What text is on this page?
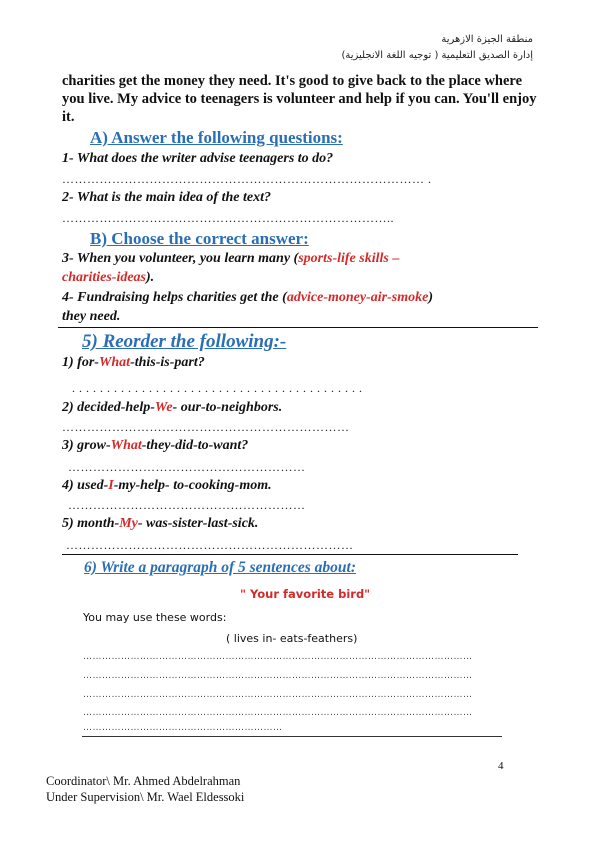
منطقة الجيزة الازهرية
إدارة الصديق التعليمية ( توجيه اللغة الانجليزية)
charities get the money they need. It's good to give back to the place where you live. My advice to teenagers is volunteer and help if you can. You'll enjoy it.
A) Answer the following questions:
1- What does the writer advise teenagers to do?
…………………………………………………………………………… .
2- What is the main idea of the text?
……………………………………………………………………..
B) Choose the correct answer:
3- When you volunteer, you learn many (sports-life skills –
charities-ideas).
4- Fundraising helps charities get the (advice-money-air-smoke)
they need.
5) Reorder the following:-
1) for-What-this-is-part?
. . . . . . . . . . . . . . . . . . . . . . . . . . . . . . . . . . . . . . . . . .
2) decided-help-We- our-to-neighbors.
……………………………………………………………
3) grow-What-they-did-to-want?
…………………………………………………
4) used-I-my-help- to-cooking-mom.
…………………………………………………
5) month-My- was-sister-last-sick.
……………………………………………………………
6) Write a paragraph of 5 sentences about:
" Your favorite bird"
You may use these words:
( lives in- eats-feathers)
……………………………………………………………………………………………………………
……………………………………………………………………………………………………………
……………………………………………………………………………………………………………
……………………………………………………………………………………………………………
………………………………………………………
4
Coordinator\ Mr. Ahmed Abdelrahman
Under Supervision\ Mr. Wael Eldessoki
